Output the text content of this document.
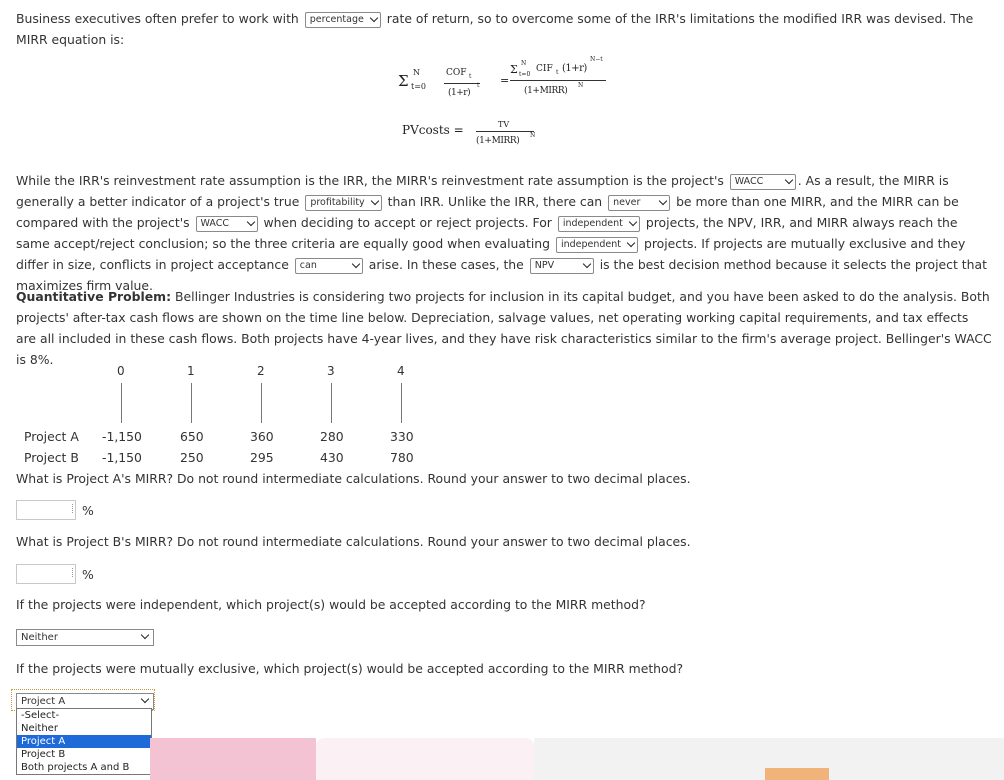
Business executives often prefer to work with percentage rate of return, so to overcome some of the IRR's limitations the modified IRR was devised. The
MIRR equation is:

Σ N
t=0
COF t
(1+r)
t =
Σ N
t=0
CIF t (1+r)
N−t
(1+MIRR)
N
PVcosts =	TV
(1+MIRR)
N

While the IRR's reinvestment rate assumption is the IRR, the MIRR's reinvestment rate assumption is the project's WACC	. As a result, the MIRR is generally a better indicator of a project's true profitability than IRR. Unlike the IRR, there can never	be more than one MIRR, and the MIRR can be compared with the project's WACC	when deciding to accept or reject projects. For independent projects, the NPV, IRR, and MIRR always reach the same accept/reject conclusion; so the three criteria are equally good when evaluating independent projects. If projects are mutually exclusive and they differ in size, conflicts in project acceptance can	arise. In these cases, the NPV	is the best decision method because it selects the project that maximizes firm value.

Quantitative Problem: Bellinger Industries is considering two projects for inclusion in its capital budget, and you have been asked to do the analysis. Both projects' after-tax cash flows are shown on the time line below. Depreciation, salvage values, net operating working capital requirements, and tax effects are all included in these cash flows. Both projects have 4-year lives, and they have risk characteristics similar to the firm's average project. Bellinger's WACC is 8%.

0	1	2	3	4
Project A -1,150	650	360	280	330
Project B -1,150	250	295	430	780
What is Project A's MIRR? Do not round intermediate calculations. Round your answer to two decimal places.
%
What is Project B's MIRR? Do not round intermediate calculations. Round your answer to two decimal places.
%
If the projects were independent, which project(s) would be accepted according to the MIRR method?
Neither
If the projects were mutually exclusive, which project(s) would be accepted according to the MIRR method?
Project A
-Select-
Neither
Project A
Project B
Both projects A and B
